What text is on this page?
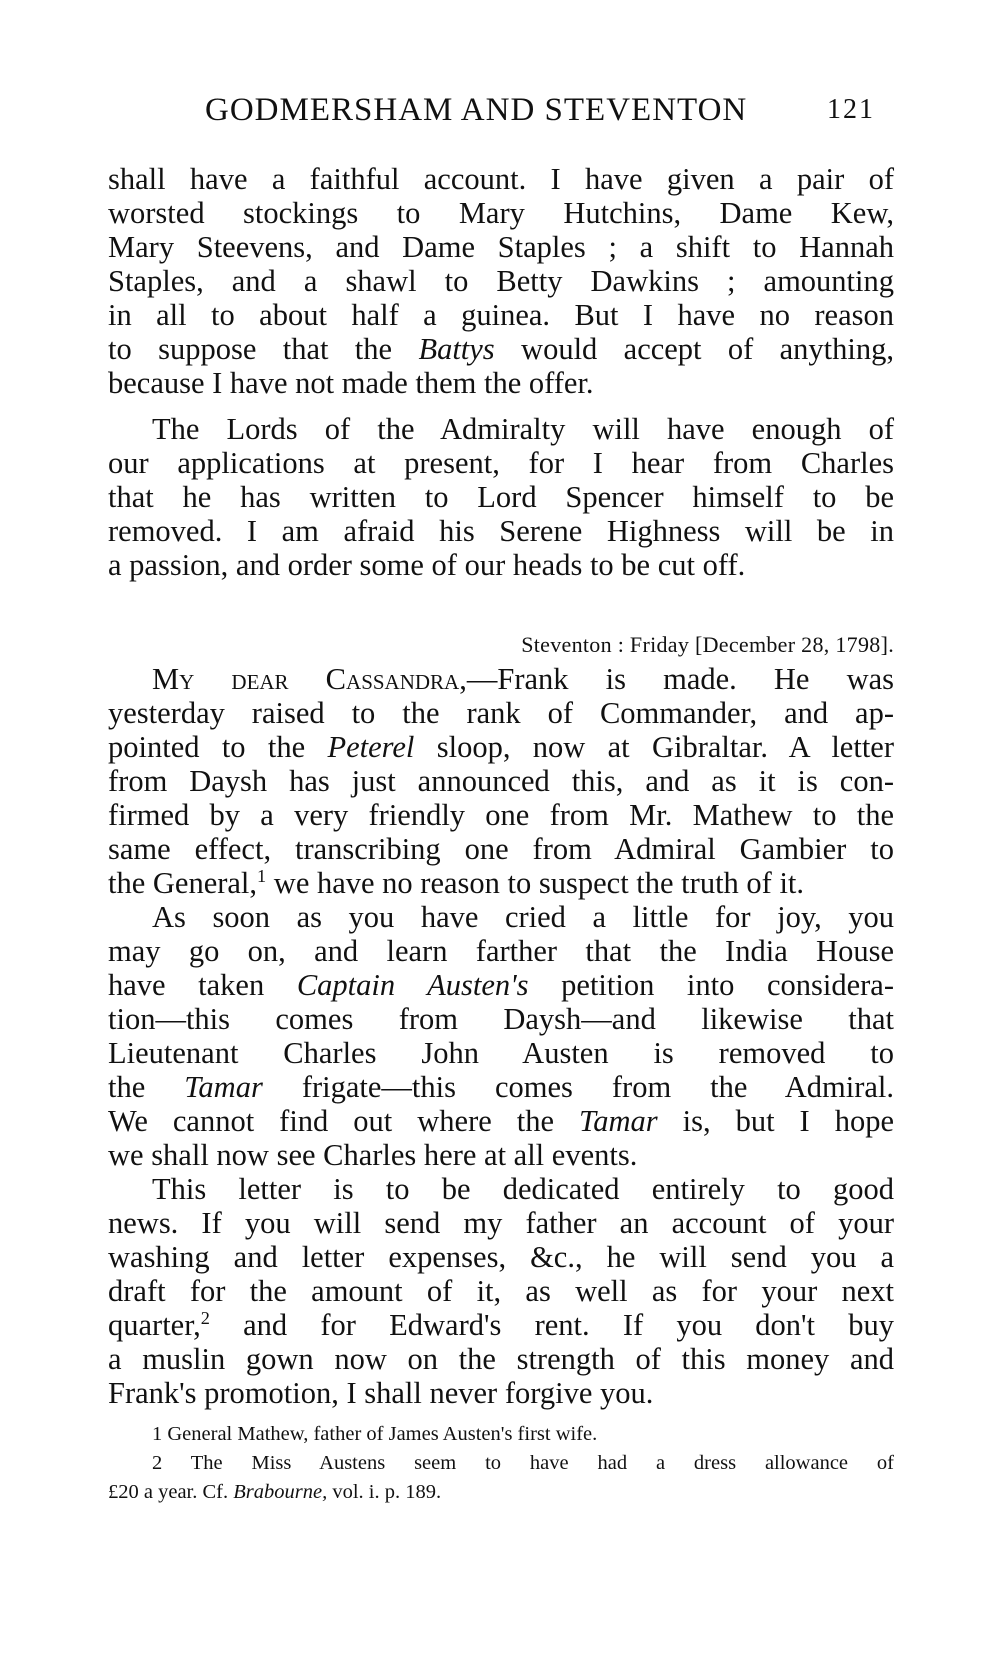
GODMERSHAM AND STEVENTON	121
shall have a faithful account. I have given a pair of
worsted stockings to Mary Hutchins, Dame Kew,
Mary Steevens, and Dame Staples ; a shift to Hannah
Staples, and a shawl to Betty Dawkins ; amounting
in all to about half a guinea. But I have no reason
to suppose that the Battys would accept of anything,
because I have not made them the offer.
The Lords of the Admiralty will have enough of
our applications at present, for I hear from Charles
that he has written to Lord Spencer himself to be
removed. I am afraid his Serene Highness will be in
a passion, and order some of our heads to be cut off.
Steventon : Friday [December 28, 1798].
My dear Cassandra,—Frank is made. He was
yesterday raised to the rank of Commander, and ap-
pointed to the Peterel sloop, now at Gibraltar. A letter
from Daysh has just announced this, and as it is con-
firmed by a very friendly one from Mr. Mathew to the
same effect, transcribing one from Admiral Gambier to
the General,$^1$ we have no reason to suspect the truth of it.
As soon as you have cried a little for joy, you
may go on, and learn farther that the India House
have taken Captain Austen's petition into considera-
tion—this comes from Daysh—and likewise that
Lieutenant Charles John Austen is removed to
the Tamar frigate—this comes from the Admiral.
We cannot find out where the Tamar is, but I hope
we shall now see Charles here at all events.
This letter is to be dedicated entirely to good
news. If you will send my father an account of your
washing and letter expenses, &c., he will send you a
draft for the amount of it, as well as for your next
quarter,$^2$ and for Edward's rent. If you don't buy
a muslin gown now on the strength of this money and
Frank's promotion, I shall never forgive you.
1 General Mathew, father of James Austen's first wife.
2 The Miss Austens seem to have had a dress allowance of
£20 a year. Cf. Brabourne, vol. i. p. 189.
